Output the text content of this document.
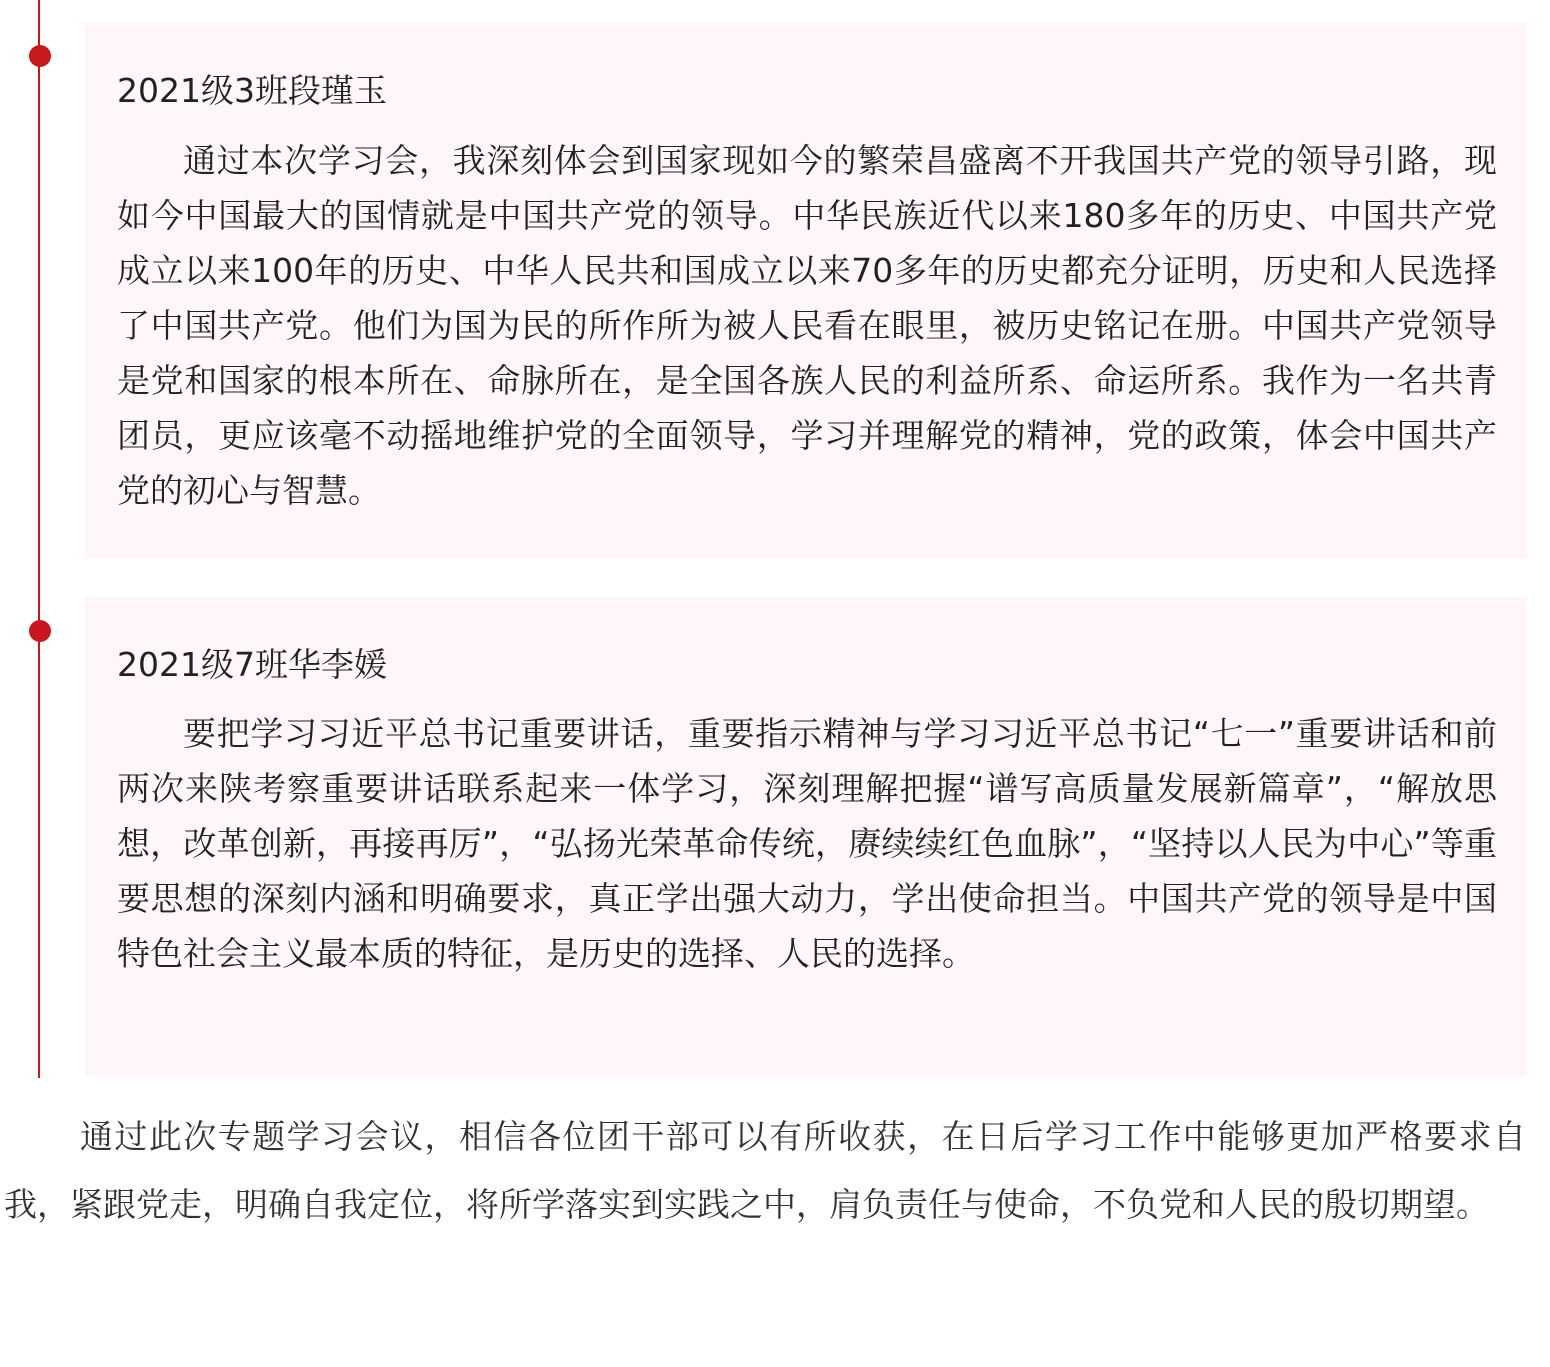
2021级3班段瑾玉

通过本次学习会，我深刻体会到国家现如今的繁荣昌盛离不开我国共产党的领导引路，现如今中国最大的国情就是中国共产党的领导。中华民族近代以来180多年的历史、中国共产党成立以来100年的历史、中华人民共和国成立以来70多年的历史都充分证明，历史和人民选择了中国共产党。他们为国为民的所作所为被人民看在眼里，被历史铭记在册。中国共产党领导是党和国家的根本所在、命脉所在，是全国各族人民的利益所系、命运所系。我作为一名共青团员，更应该毫不动摇地维护党的全面领导，学习并理解党的精神，党的政策，体会中国共产党的初心与智慧。

2021级7班华李媛

要把学习习近平总书记重要讲话，重要指示精神与学习习近平总书记“七一”重要讲话和前两次来陕考察重要讲话联系起来一体学习，深刻理解把握“谱写高质量发展新篇章”，“解放思想，改革创新，再接再厉”，“弘扬光荣革命传统，赓续续红色血脉”，“坚持以人民为中心”等重要思想的深刻内涵和明确要求，真正学出强大动力，学出使命担当。中国共产党的领导是中国特色社会主义最本质的特征，是历史的选择、人民的选择。

通过此次专题学习会议，相信各位团干部可以有所收获，在日后学习工作中能够更加严格要求自我，紧跟党走，明确自我定位，将所学落实到实践之中，肩负责任与使命，不负党和人民的殷切期望。
